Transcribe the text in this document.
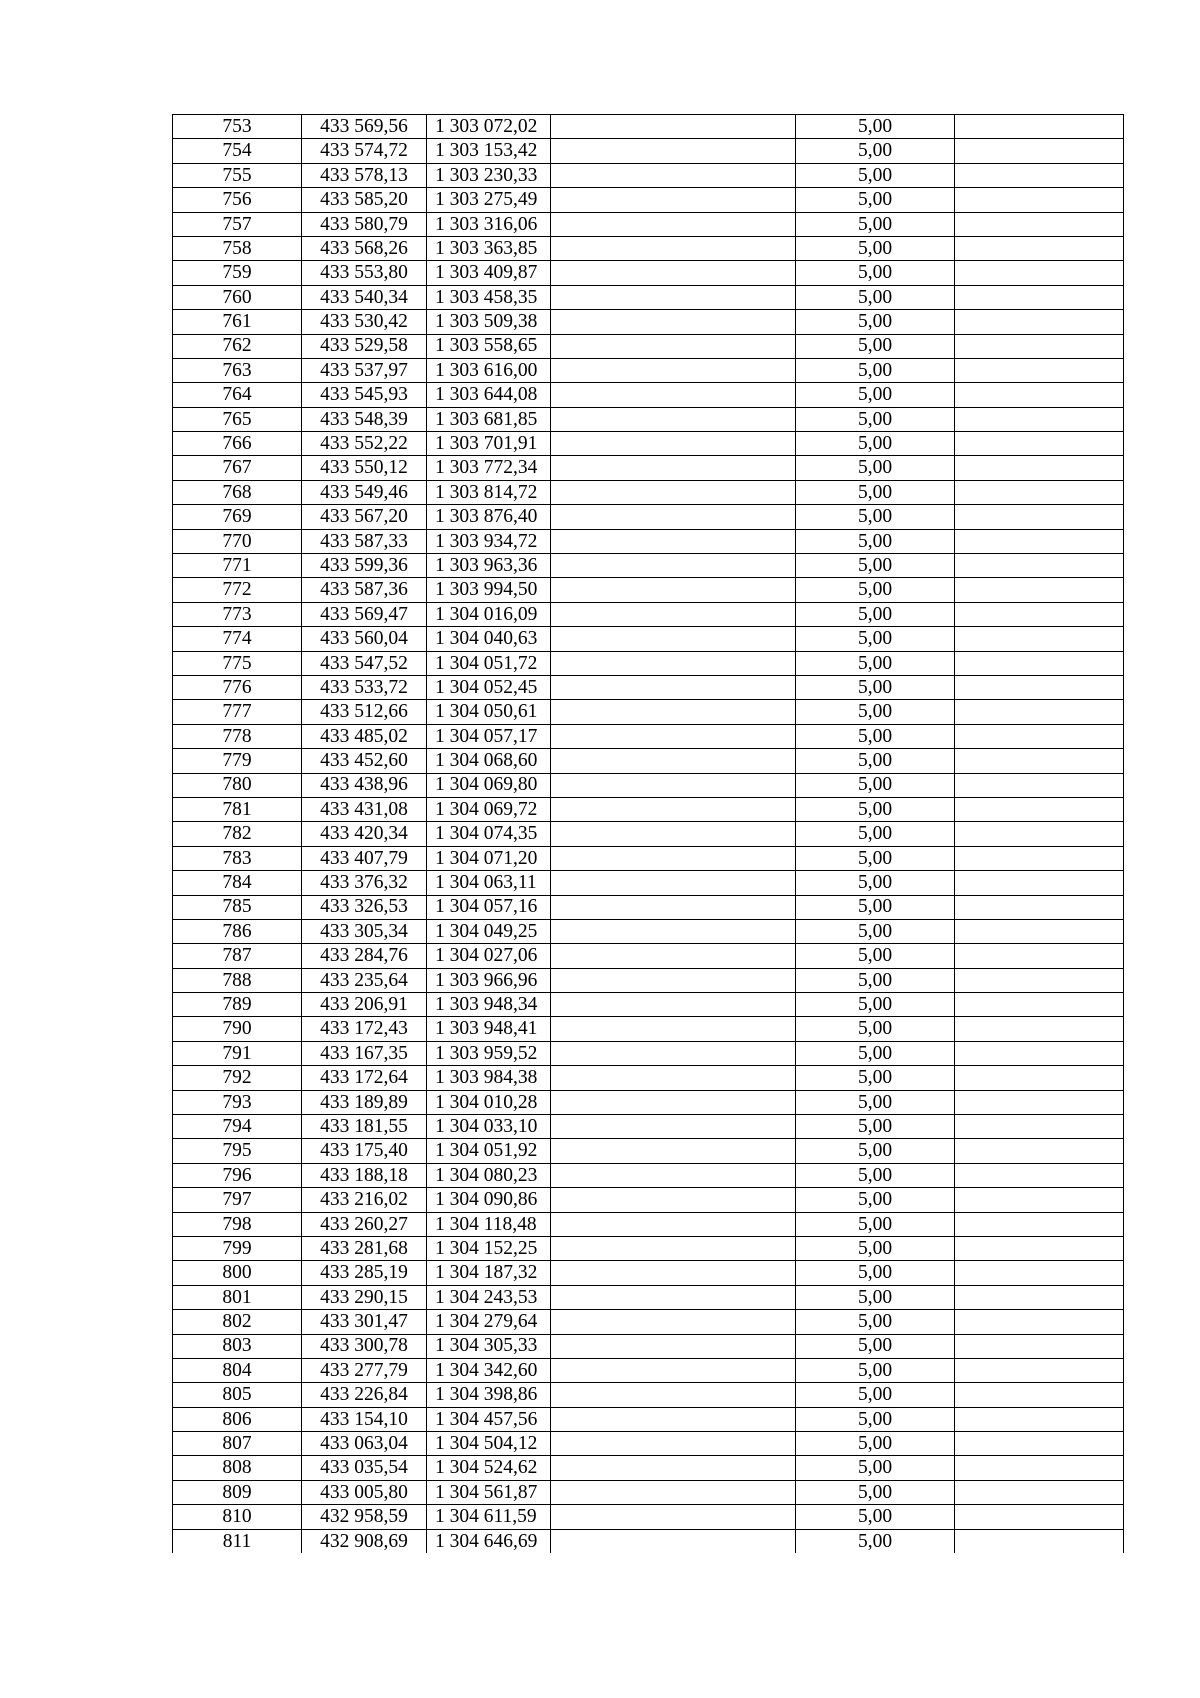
753	433 569,56	1 303 072,02		5,00	
754	433 574,72	1 303 153,42		5,00	
755	433 578,13	1 303 230,33		5,00	
756	433 585,20	1 303 275,49		5,00	
757	433 580,79	1 303 316,06		5,00	
758	433 568,26	1 303 363,85		5,00	
759	433 553,80	1 303 409,87		5,00	
760	433 540,34	1 303 458,35		5,00	
761	433 530,42	1 303 509,38		5,00	
762	433 529,58	1 303 558,65		5,00	
763	433 537,97	1 303 616,00		5,00	
764	433 545,93	1 303 644,08		5,00	
765	433 548,39	1 303 681,85		5,00	
766	433 552,22	1 303 701,91		5,00	
767	433 550,12	1 303 772,34		5,00	
768	433 549,46	1 303 814,72		5,00	
769	433 567,20	1 303 876,40		5,00	
770	433 587,33	1 303 934,72		5,00	
771	433 599,36	1 303 963,36		5,00	
772	433 587,36	1 303 994,50		5,00	
773	433 569,47	1 304 016,09		5,00	
774	433 560,04	1 304 040,63		5,00	
775	433 547,52	1 304 051,72		5,00	
776	433 533,72	1 304 052,45		5,00	
777	433 512,66	1 304 050,61		5,00	
778	433 485,02	1 304 057,17		5,00	
779	433 452,60	1 304 068,60		5,00	
780	433 438,96	1 304 069,80		5,00	
781	433 431,08	1 304 069,72		5,00	
782	433 420,34	1 304 074,35		5,00	
783	433 407,79	1 304 071,20		5,00	
784	433 376,32	1 304 063,11		5,00	
785	433 326,53	1 304 057,16		5,00	
786	433 305,34	1 304 049,25		5,00	
787	433 284,76	1 304 027,06		5,00	
788	433 235,64	1 303 966,96		5,00	
789	433 206,91	1 303 948,34		5,00	
790	433 172,43	1 303 948,41		5,00	
791	433 167,35	1 303 959,52		5,00	
792	433 172,64	1 303 984,38		5,00	
793	433 189,89	1 304 010,28		5,00	
794	433 181,55	1 304 033,10		5,00	
795	433 175,40	1 304 051,92		5,00	
796	433 188,18	1 304 080,23		5,00	
797	433 216,02	1 304 090,86		5,00	
798	433 260,27	1 304 118,48		5,00	
799	433 281,68	1 304 152,25		5,00	
800	433 285,19	1 304 187,32		5,00	
801	433 290,15	1 304 243,53		5,00	
802	433 301,47	1 304 279,64		5,00	
803	433 300,78	1 304 305,33		5,00	
804	433 277,79	1 304 342,60		5,00	
805	433 226,84	1 304 398,86		5,00	
806	433 154,10	1 304 457,56		5,00	
807	433 063,04	1 304 504,12		5,00	
808	433 035,54	1 304 524,62		5,00	
809	433 005,80	1 304 561,87		5,00	
810	432 958,59	1 304 611,59		5,00	
811	432 908,69	1 304 646,69		5,00	
